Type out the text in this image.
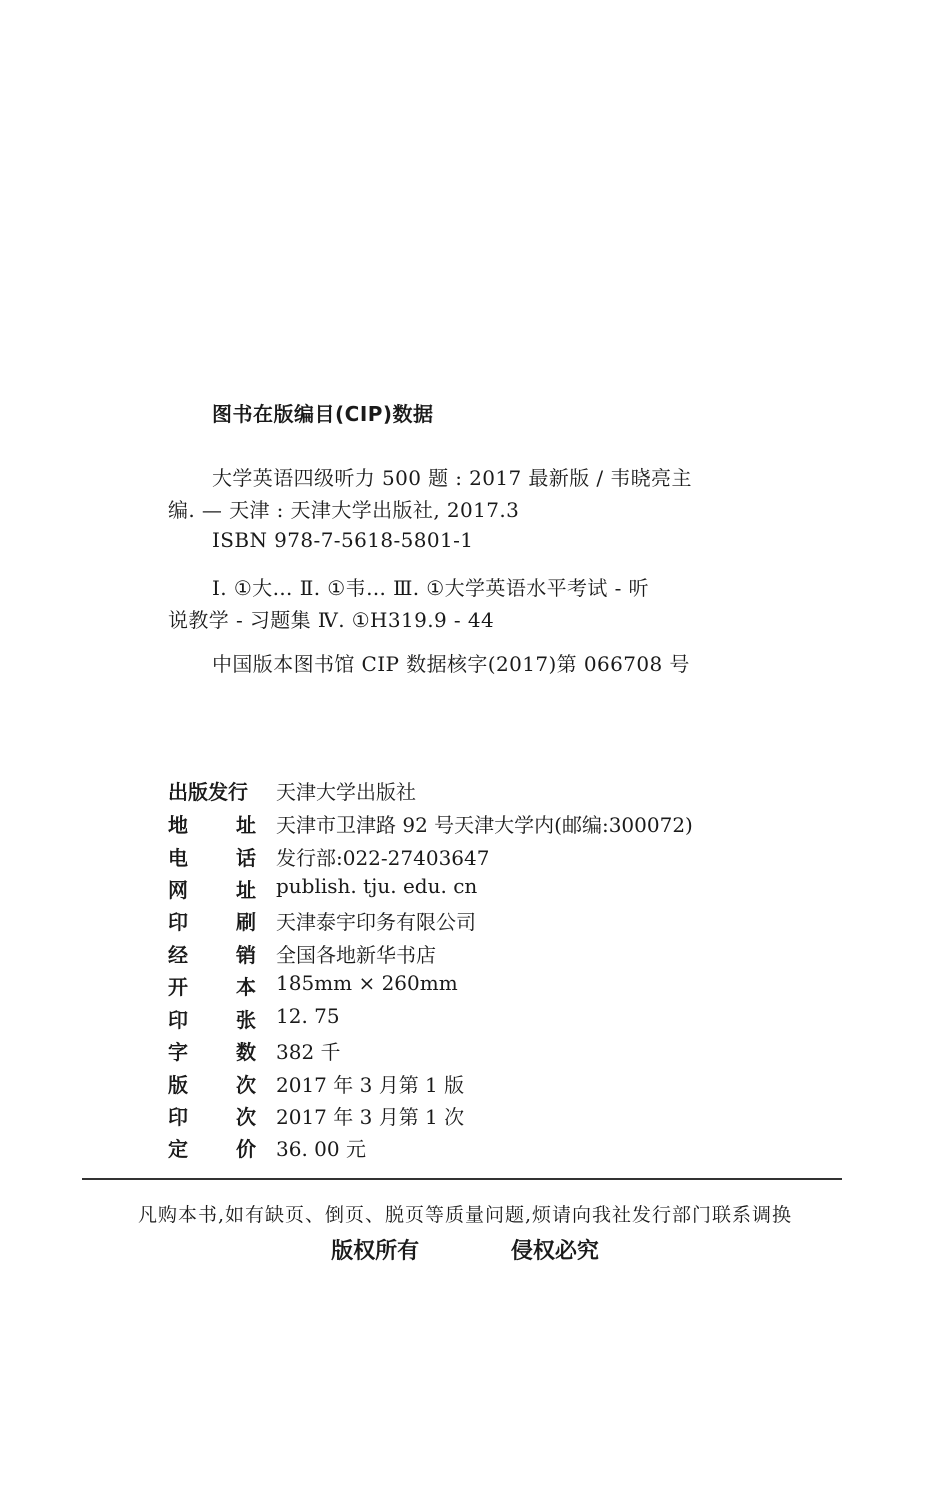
图书在版编目(CIP)数据
大学英语四级听力 500 题 : 2017 最新版 / 韦晓亮主
编. — 天津 : 天津大学出版社, 2017.3
ISBN 978-7-5618-5801-1
Ⅰ. ①大… Ⅱ. ①韦… Ⅲ. ①大学英语水平考试 - 听
说教学 - 习题集 Ⅳ. ①H319.9 - 44
中国版本图书馆 CIP 数据核字(2017)第 066708 号
出版发行 天津大学出版社
地 址 天津市卫津路 92 号天津大学内(邮编:300072)
电 话 发行部:022-27403647
网 址 publish. tju. edu. cn
印 刷 天津泰宇印务有限公司
经 销 全国各地新华书店
开 本 185mm × 260mm
印 张 12. 75
字 数 382 千
版 次 2017 年 3 月第 1 版
印 次 2017 年 3 月第 1 次
定 价 36. 00 元
凡购本书,如有缺页、倒页、脱页等质量问题,烦请向我社发行部门联系调换
版权所有	侵权必究
